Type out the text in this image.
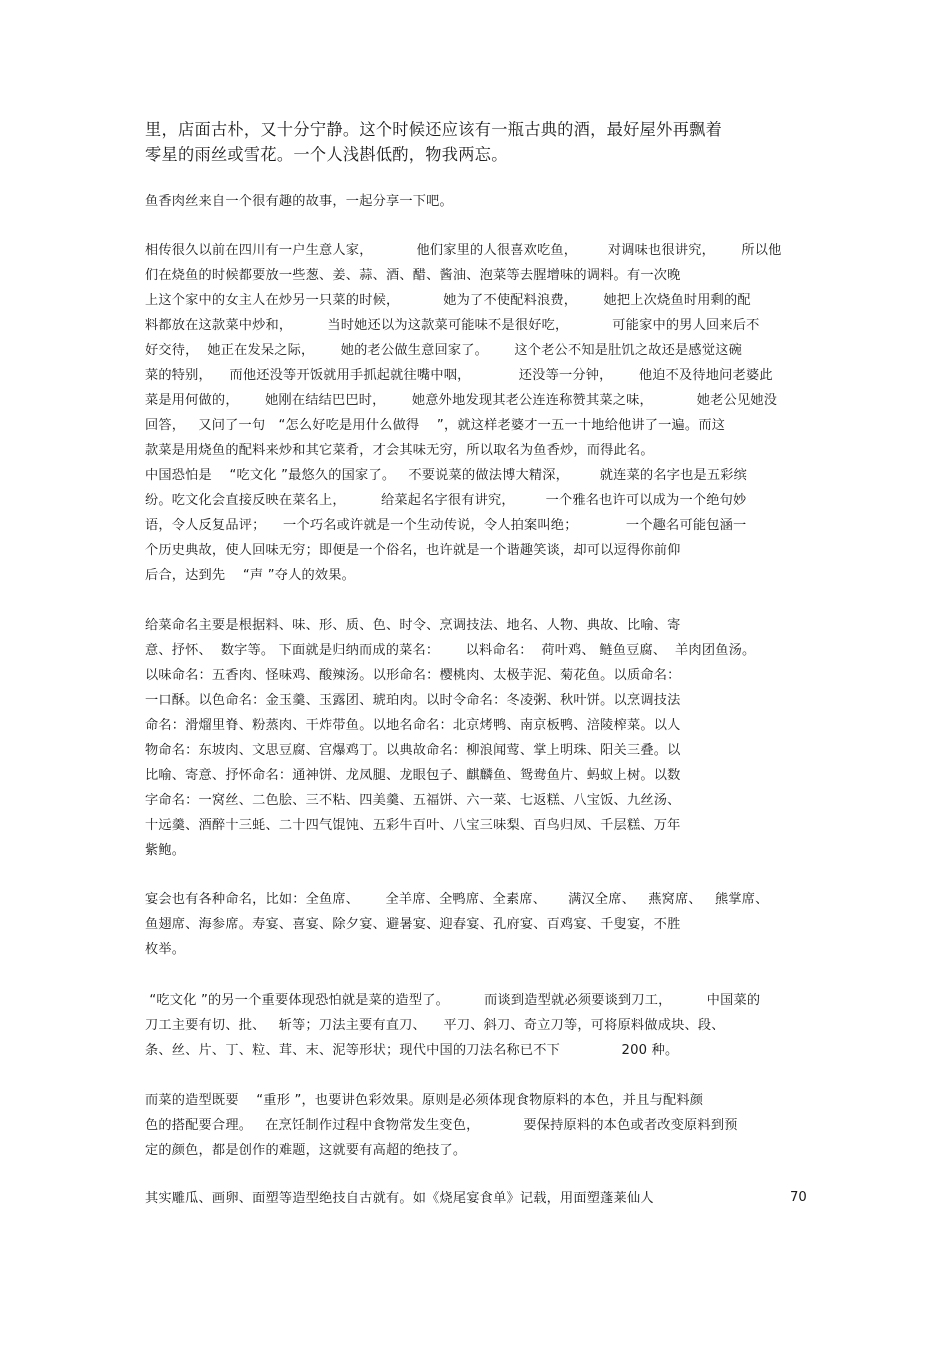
里，店面古朴，又十分宁静。这个时候还应该有一瓶古典的酒，最好屋外再飘着
零星的雨丝或雪花。一个人浅斟低酌，物我两忘。
鱼香肉丝来自一个很有趣的故事，一起分享一下吧。
相传很久以前在四川有一户生意人家，          他们家里的人很喜欢吃鱼，       对调味也很讲究，      所以他
们在烧鱼的时候都要放一些葱、姜、蒜、酒、醋、酱油、泡菜等去腥增味的调料。有一次晚
上这个家中的女主人在炒另一只菜的时候，          她为了不使配料浪费，      她把上次烧鱼时用剩的配
料都放在这款菜中炒和，        当时她还以为这款菜可能味不是很好吃，          可能家中的男人回来后不
好交待，  她正在发呆之际，      她的老公做生意回家了。      这个老公不知是肚饥之故还是感觉这碗
菜的特别，    而他还没等开饭就用手抓起就往嘴中咽，           还没等一分钟，      他迫不及待地问老婆此
菜是用何做的，      她刚在结结巴巴时，      她意外地发现其老公连连称赞其菜之味，          她老公见她没
回答，   又问了一句   “怎么好吃是用什么做得    ”，就这样老婆才一五一十地给他讲了一遍。而这
款菜是用烧鱼的配料来炒和其它菜肴，才会其味无穷，所以取名为鱼香炒，而得此名。
中国恐怕是    “吃文化 ”最悠久的国家了。   不要说菜的做法博大精深，       就连菜的名字也是五彩缤
纷。吃文化会直接反映在菜名上，        给菜起名字很有讲究，       一个雅名也许可以成为一个绝句妙
语，令人反复品评；    一个巧名或许就是一个生动传说，令人拍案叫绝；           一个趣名可能包涵一
个历史典故，使人回味无穷；即便是一个俗名，也许就是一个谐趣笑谈，却可以逗得你前仰
后合，达到先    “声 ”夺人的效果。
给菜命名主要是根据料、味、形、质、色、时令、烹调技法、地名、人物、典故、比喻、寄
意、抒怀、  数字等。 下面就是归纳而成的菜名：      以料命名：  荷叶鸡、 鲢鱼豆腐、  羊肉团鱼汤。
以味命名：五香肉、怪味鸡、酸辣汤。以形命名：樱桃肉、太极芋泥、菊花鱼。以质命名：
一口酥。以色命名：金玉羹、玉露团、琥珀肉。以时令命名：冬凌粥、秋叶饼。以烹调技法
命名：滑熘里脊、粉蒸肉、干炸带鱼。以地名命名：北京烤鸭、南京板鸭、涪陵榨菜。以人
物命名：东坡肉、文思豆腐、宫爆鸡丁。以典故命名：柳浪闻莺、掌上明珠、阳关三叠。以
比喻、寄意、抒怀命名：通神饼、龙凤腿、龙眼包子、麒麟鱼、鸳鸯鱼片、蚂蚁上树。以数
字命名：一窝丝、二色脍、三不粘、四美羹、五福饼、六一菜、七返糕、八宝饭、九丝汤、
十远羹、酒醉十三蚝、二十四气馄饨、五彩牛百叶、八宝三味梨、百鸟归凤、千层糕、万年
紫鲍。
宴会也有各种命名，比如：全鱼席、      全羊席、全鸭席、全素席、     满汉全席、   燕窝席、   熊掌席、
鱼翅席、海参席。寿宴、喜宴、除夕宴、避暑宴、迎春宴、孔府宴、百鸡宴、千叟宴，不胜
枚举。
“吃文化 ”的另一个重要体现恐怕就是菜的造型了。        而谈到造型就必须要谈到刀工，        中国菜的
刀工主要有切、批、   斩等；刀法主要有直刀、    平刀、斜刀、奇立刀等，可将原料做成块、段、
条、丝、片、丁、粒、茸、末、泥等形状；现代中国的刀法名称已不下              200 种。
而菜的造型既要    “重形 ”，也要讲色彩效果。原则是必须体现食物原料的本色，并且与配料颜
色的搭配要合理。   在烹饪制作过程中食物常发生变色，          要保持原料的本色或者改变原料到预
定的颜色，都是创作的难题，这就要有高超的绝技了。
其实雕瓜、画卵、面塑等造型绝技自古就有。如《烧尾宴食单》记载，用面塑蓬莱仙人	70
